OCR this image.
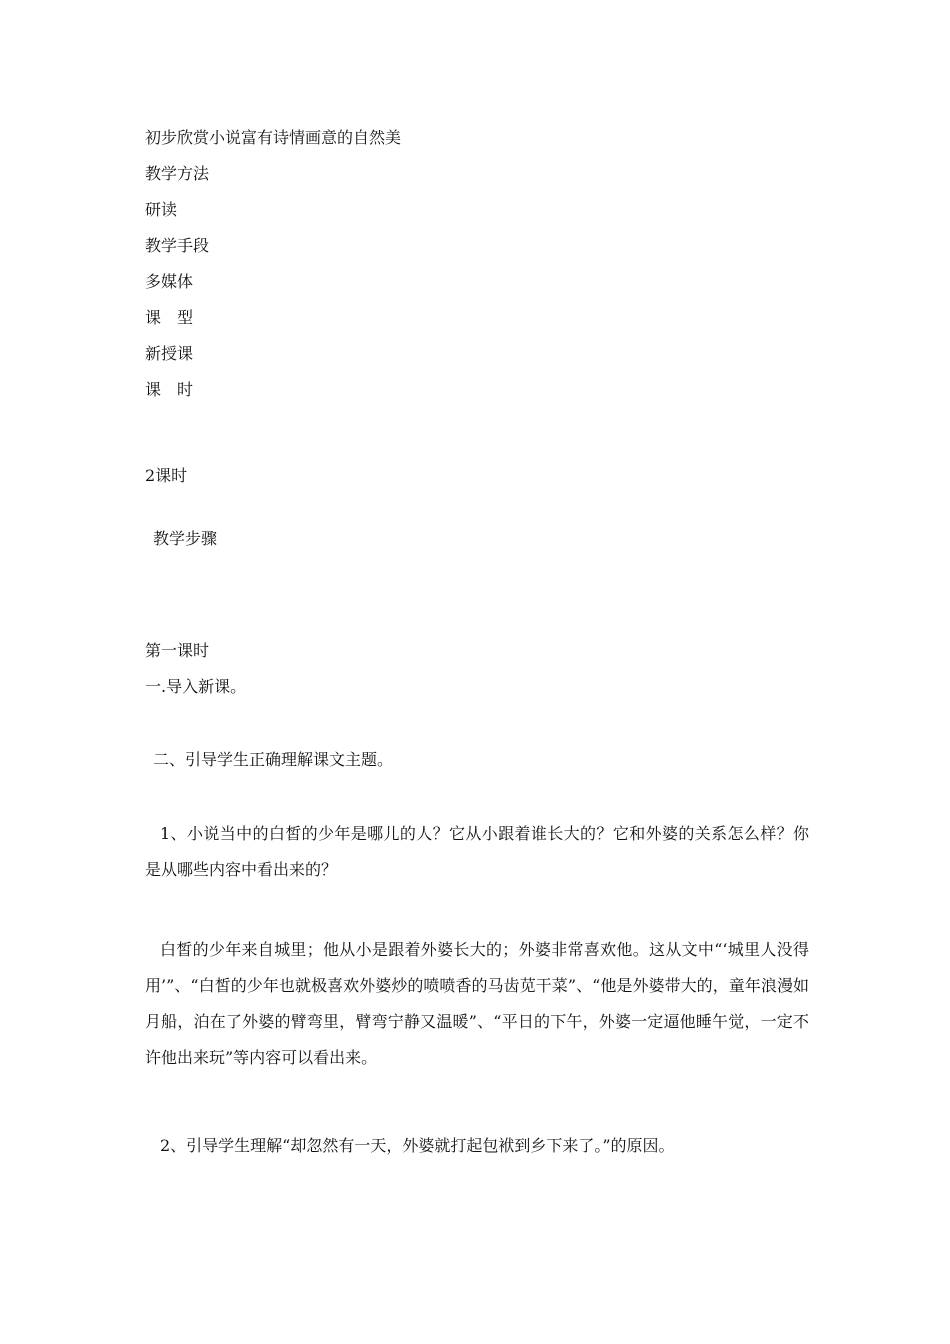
初步欣赏小说富有诗情画意的自然美
教学方法
研读
教学手段
多媒体
课　型
新授课
课　时
2课时
教学步骤
第一课时
一.导入新课。
二、引导学生正确理解课文主题。
1、小说当中的白皙的少年是哪儿的人？它从小跟着谁长大的？它和外婆的关系怎么样？你是从哪些内容中看出来的？
白皙的少年来自城里；他从小是跟着外婆长大的；外婆非常喜欢他。这从文中“‘城里人没得用’”、“白皙的少年也就极喜欢外婆炒的喷喷香的马齿苋干菜”、“他是外婆带大的，童年浪漫如月船，泊在了外婆的臂弯里，臂弯宁静又温暖”、“平日的下午，外婆一定逼他睡午觉，一定不许他出来玩”等内容可以看出来。
2、引导学生理解“却忽然有一天，外婆就打起包袱到乡下来了。”的原因。
